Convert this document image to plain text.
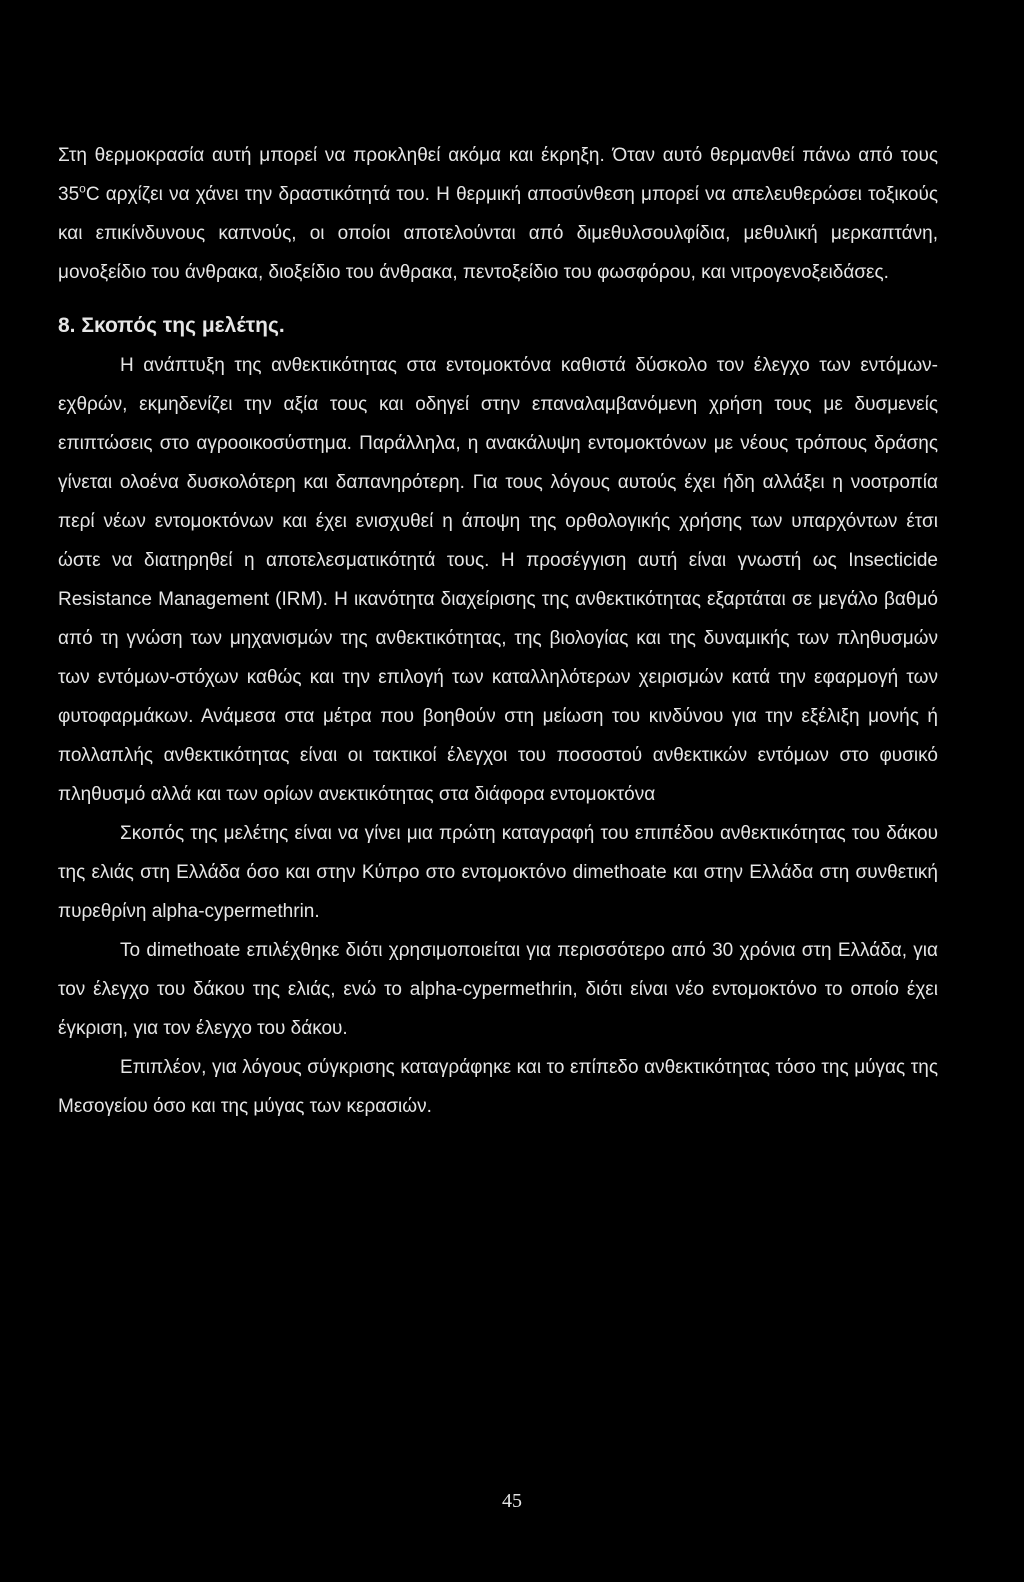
Στη θερμοκρασία αυτή μπορεί να προκληθεί ακόμα και έκρηξη. Όταν αυτό θερμανθεί πάνω από τους $35^oC$ αρχίζει να χάνει την δραστικότητά του. Η θερμική αποσύνθεση μπορεί να απελευθερώσει τοξικούς και επικίνδυνους καπνούς, οι οποίοι αποτελούνται από διμεθυλσουλφίδια, μεθυλική μερκαπτάνη, μονοξείδιο του άνθρακα, διοξείδιο του άνθρακα, πεντοξείδιο του φωσφόρου, και νιτρογενοξειδάσες.

8. Σκοπός της μελέτης.

Η ανάπτυξη της ανθεκτικότητας στα εντομοκτόνα καθιστά δύσκολο τον έλεγχο των εντόμων-εχθρών, εκμηδενίζει την αξία τους και οδηγεί στην επαναλαμβανόμενη χρήση τους με δυσμενείς επιπτώσεις στο αγροοικοσύστημα. Παράλληλα, η ανακάλυψη εντομοκτόνων με νέους τρόπους δράσης γίνεται ολοένα δυσκολότερη και δαπανηρότερη. Για τους λόγους αυτούς έχει ήδη αλλάξει η νοοτροπία περί νέων εντομοκτόνων και έχει ενισχυθεί η άποψη της ορθολογικής χρήσης των υπαρχόντων έτσι ώστε να διατηρηθεί η αποτελεσματικότητά τους. Η προσέγγιση αυτή είναι γνωστή ως Insecticide Resistance Management (IRM). Η ικανότητα διαχείρισης της ανθεκτικότητας εξαρτάται σε μεγάλο βαθμό από τη γνώση των μηχανισμών της ανθεκτικότητας, της βιολογίας και της δυναμικής των πληθυσμών των εντόμων-στόχων καθώς και την επιλογή των καταλληλότερων χειρισμών κατά την εφαρμογή των φυτοφαρμάκων. Ανάμεσα στα μέτρα που βοηθούν στη μείωση του κινδύνου για την εξέλιξη μονής ή πολλαπλής ανθεκτικότητας είναι οι τακτικοί έλεγχοι του ποσοστού ανθεκτικών εντόμων στο φυσικό πληθυσμό αλλά και των ορίων ανεκτικότητας στα διάφορα εντομοκτόνα

Σκοπός της μελέτης είναι να γίνει μια πρώτη καταγραφή του επιπέδου ανθεκτικότητας του δάκου της ελιάς στη Ελλάδα όσο και στην Κύπρο στο εντομοκτόνο dimethoate και στην Ελλάδα στη συνθετική πυρεθρίνη alpha-cypermethrin.

Το dimethoate επιλέχθηκε διότι χρησιμοποιείται για περισσότερο από 30 χρόνια στη Ελλάδα, για τον έλεγχο του δάκου της ελιάς, ενώ το alpha-cypermethrin, διότι είναι νέο εντομοκτόνο το οποίο έχει έγκριση, για τον έλεγχο του δάκου.

Επιπλέον, για λόγους σύγκρισης καταγράφηκε και το επίπεδο ανθεκτικότητας τόσο της μύγας της Μεσογείου όσο και της μύγας των κερασιών.

45
